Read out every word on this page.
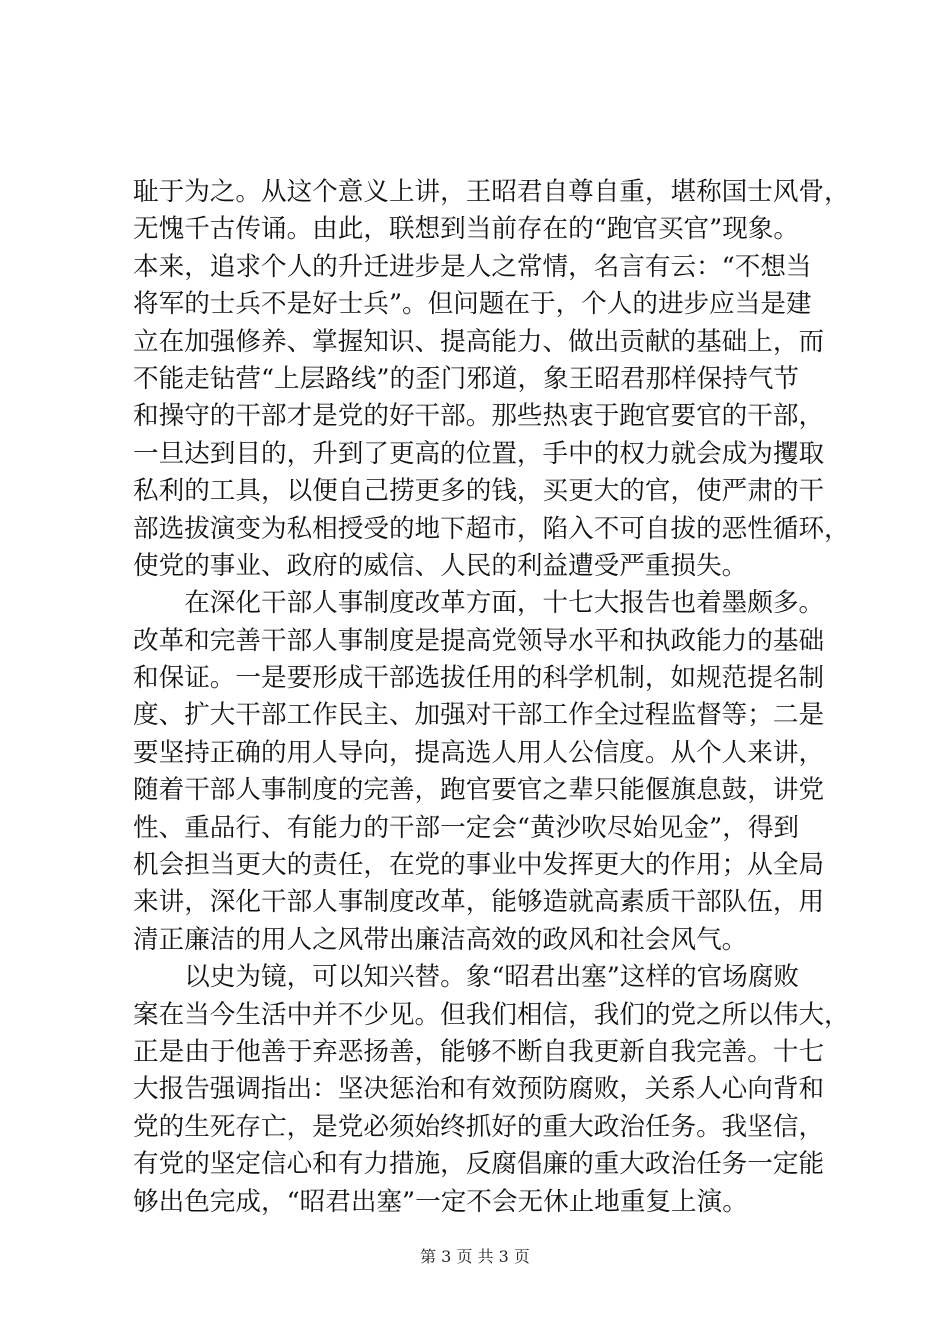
耻于为之。从这个意义上讲，王昭君自尊自重，堪称国士风骨，
无愧千古传诵。由此，联想到当前存在的“跑官买官”现象。
本来，追求个人的升迁进步是人之常情，名言有云：“不想当
将军的士兵不是好士兵”。但问题在于，个人的进步应当是建
立在加强修养、掌握知识、提高能力、做出贡献的基础上，而
不能走钻营“上层路线”的歪门邪道，象王昭君那样保持气节
和操守的干部才是党的好干部。那些热衷于跑官要官的干部，
一旦达到目的，升到了更高的位置，手中的权力就会成为攫取
私利的工具，以便自己捞更多的钱，买更大的官，使严肃的干
部选拔演变为私相授受的地下超市，陷入不可自拔的恶性循环，
使党的事业、政府的威信、人民的利益遭受严重损失。
　　在深化干部人事制度改革方面，十七大报告也着墨颇多。
改革和完善干部人事制度是提高党领导水平和执政能力的基础
和保证。一是要形成干部选拔任用的科学机制，如规范提名制
度、扩大干部工作民主、加强对干部工作全过程监督等；二是
要坚持正确的用人导向，提高选人用人公信度。从个人来讲，
随着干部人事制度的完善，跑官要官之辈只能偃旗息鼓，讲党
性、重品行、有能力的干部一定会“黄沙吹尽始见金”，得到
机会担当更大的责任，在党的事业中发挥更大的作用；从全局
来讲，深化干部人事制度改革，能够造就高素质干部队伍，用
清正廉洁的用人之风带出廉洁高效的政风和社会风气。
　　以史为镜，可以知兴替。象“昭君出塞”这样的官场腐败
案在当今生活中并不少见。但我们相信，我们的党之所以伟大，
正是由于他善于弃恶扬善，能够不断自我更新自我完善。十七
大报告强调指出：坚决惩治和有效预防腐败，关系人心向背和
党的生死存亡，是党必须始终抓好的重大政治任务。我坚信，
有党的坚定信心和有力措施，反腐倡廉的重大政治任务一定能
够出色完成，“昭君出塞”一定不会无休止地重复上演。
第 3 页 共 3 页
